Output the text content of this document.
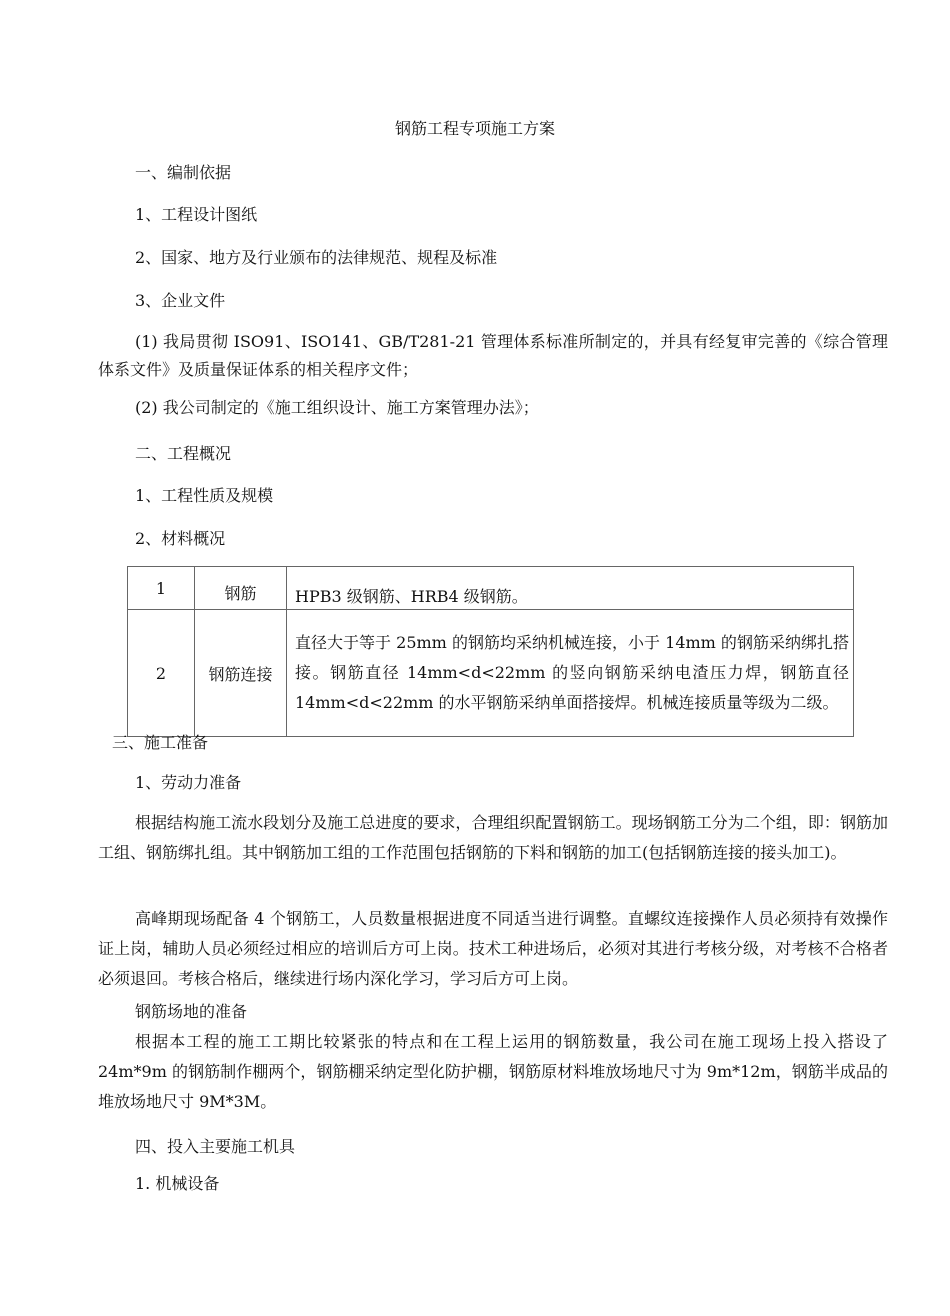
钢筋工程专项施工方案
一、编制依据
1、工程设计图纸
2、国家、地方及行业颁布的法律规范、规程及标准
3、企业文件
(1) 我局贯彻 ISO91、ISO141、GB/T281-21 管理体系标准所制定的，并具有经复审完善的《综合管理体系文件》及质量保证体系的相关程序文件；
(2) 我公司制定的《施工组织设计、施工方案管理办法》；
二、工程概况
1、工程性质及规模
2、材料概况
1	钢筋	HPB3 级钢筋、HRB4 级钢筋。
2	钢筋连接	直径大于等于 25mm 的钢筋均采纳机械连接，小于 14mm 的钢筋采纳绑扎搭接。钢筋直径 14mm<d<22mm 的竖向钢筋采纳电渣压力焊，钢筋直径 14mm<d<22mm 的水平钢筋采纳单面搭接焊。机械连接质量等级为二级。
三、施工准备
1、劳动力准备
根据结构施工流水段划分及施工总进度的要求，合理组织配置钢筋工。现场钢筋工分为二个组，即：钢筋加工组、钢筋绑扎组。其中钢筋加工组的工作范围包括钢筋的下料和钢筋的加工(包括钢筋连接的接头加工)。
高峰期现场配备 4 个钢筋工，人员数量根据进度不同适当进行调整。直螺纹连接操作人员必须持有效操作证上岗，辅助人员必须经过相应的培训后方可上岗。技术工种进场后，必须对其进行考核分级，对考核不合格者必须退回。考核合格后，继续进行场内深化学习，学习后方可上岗。
钢筋场地的准备
根据本工程的施工工期比较紧张的特点和在工程上运用的钢筋数量，我公司在施工现场上投入搭设了 24m*9m 的钢筋制作棚两个，钢筋棚采纳定型化防护棚，钢筋原材料堆放场地尺寸为 9m*12m，钢筋半成品的堆放场地尺寸 9M*3M。
四、投入主要施工机具
1. 机械设备
